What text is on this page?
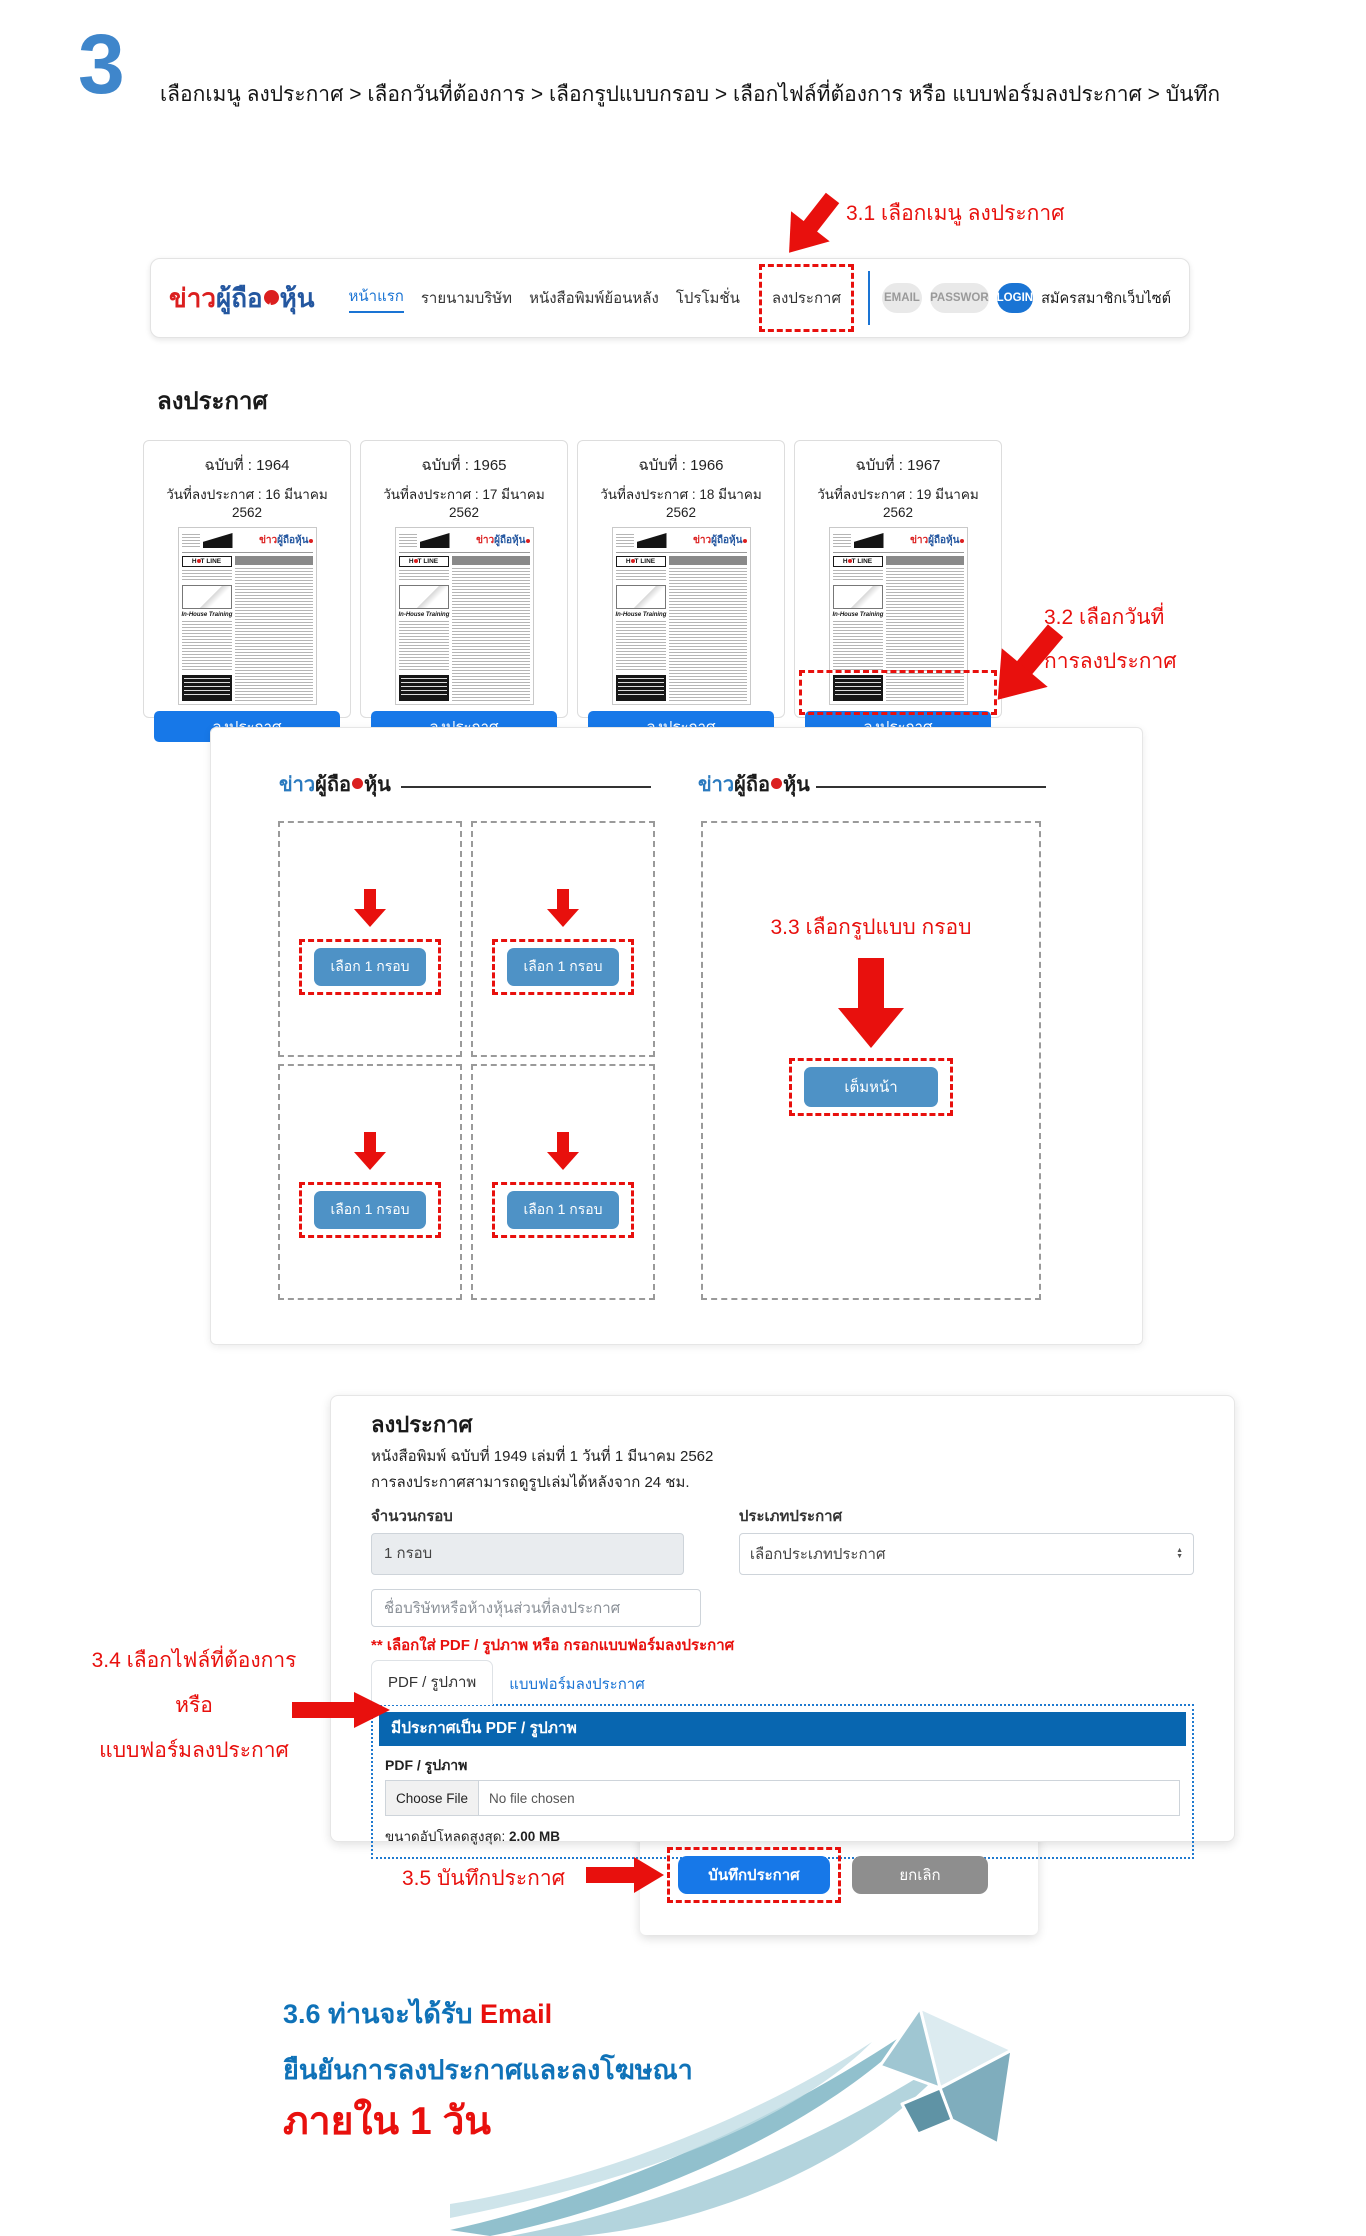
3 เลือกเมนู ลงประกาศ > เลือกวันที่ต้องการ > เลือกรูปแบบกรอบ > เลือกไฟล์ที่ต้องการ หรือ แบบฟอร์มลงประกาศ > บันทึก
3.1 เลือกเมนู ลงประกาศ
ข่าวผู้ถือ หุ้น หน้าแรก รายนามบริษัท หนังสือพิมพ์ย้อนหลัง โปรโมชั่น	ลงประกาศ	EMAIL PASSWOR LOGIN สมัครสมาชิกเว็บไซต์
ลงประกาศ
ฉบับที่ : 1964
วันที่ลงประกาศ : 16 มีนาคม 2562
ข่าวผู้ถือหุ้น
H T LINE
In-House Training
ฉบับที่ : 1965
วันที่ลงประกาศ : 17 มีนาคม 2562
ข่าวผู้ถือหุ้น
H T LINE
In-House Training
ฉบับที่ : 1966
วันที่ลงประกาศ : 18 มีนาคม 2562
ข่าวผู้ถือหุ้น
H T LINE
In-House Training
ฉบับที่ : 1967
วันที่ลงประกาศ : 19 มีนาคม 2562
ข่าวผู้ถือหุ้น
H T LINE
In-House Training	3.2 เลือกวันที่
การลงประกาศ
ข่าวผู้ถือ หุ้น	ข่าวผู้ถือ หุ้น
เลือก 1 กรอบ	เลือก 1 กรอบ
เลือก 1 กรอบ	เลือก 1 กรอบ
3.3 เลือกรูปแบบ กรอบ
เต็มหน้า
บันทึกประกาศ	ยกเลิก
ลงประกาศ
หนังสือพิมพ์ ฉบับที่ 1949 เล่มที่ 1 วันที่ 1 มีนาคม 2562
การลงประกาศสามารถดูรูปเล่มได้หลังจาก 24 ชม.
จำนวนกรอบ
1 กรอบ
ประเภทประกาศ
เลือกประเภทประกาศ	▲
▼
ชื่อบริษัทหรือห้างหุ้นส่วนที่ลงประกาศ
** เลือกใส่ PDF / รูปภาพ หรือ กรอกแบบฟอร์มลงประกาศ
PDF / รูปภาพ	แบบฟอร์มลงประกาศ
มีประกาศเป็น PDF / รูปภาพ
PDF / รูปภาพ
Choose File	No file chosen
ขนาดอัปโหลดสูงสุด: 2.00 MB
3.4 เลือกไฟล์ที่ต้องการ
หรือ
แบบฟอร์มลงประกาศ
3.5 บันทึกประกาศ
3.6 ท่านจะได้รับ Email
ยืนยันการลงประกาศและลงโฆษณา
ภายใน 1 วัน
